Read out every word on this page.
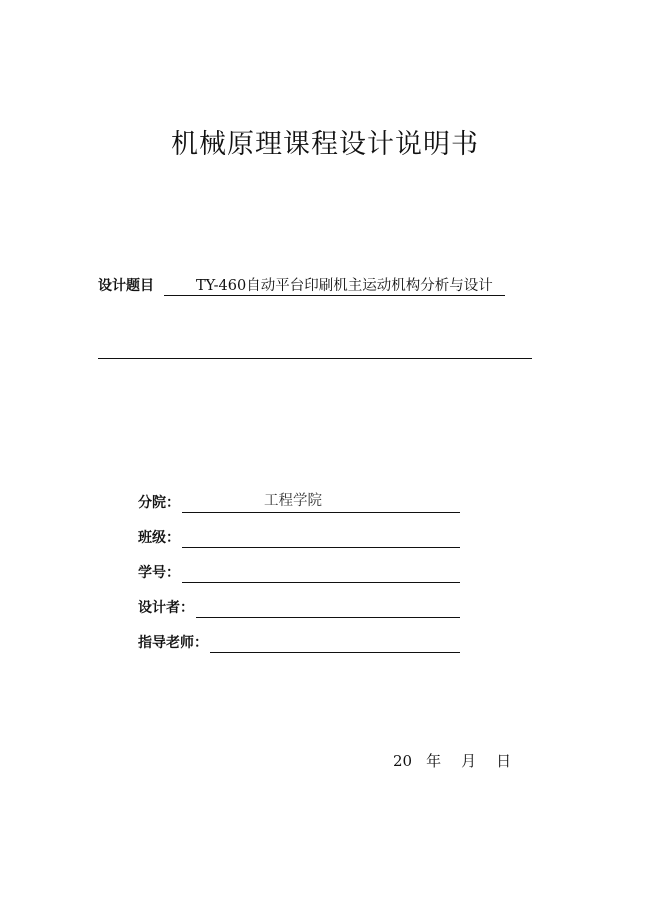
机械原理课程设计说明书
设计题目	TY-460自动平台印刷机主运动机构分析与设计
分院：	工程学院
班级：
学号：
设计者：
指导老师：
20 年 月 日
